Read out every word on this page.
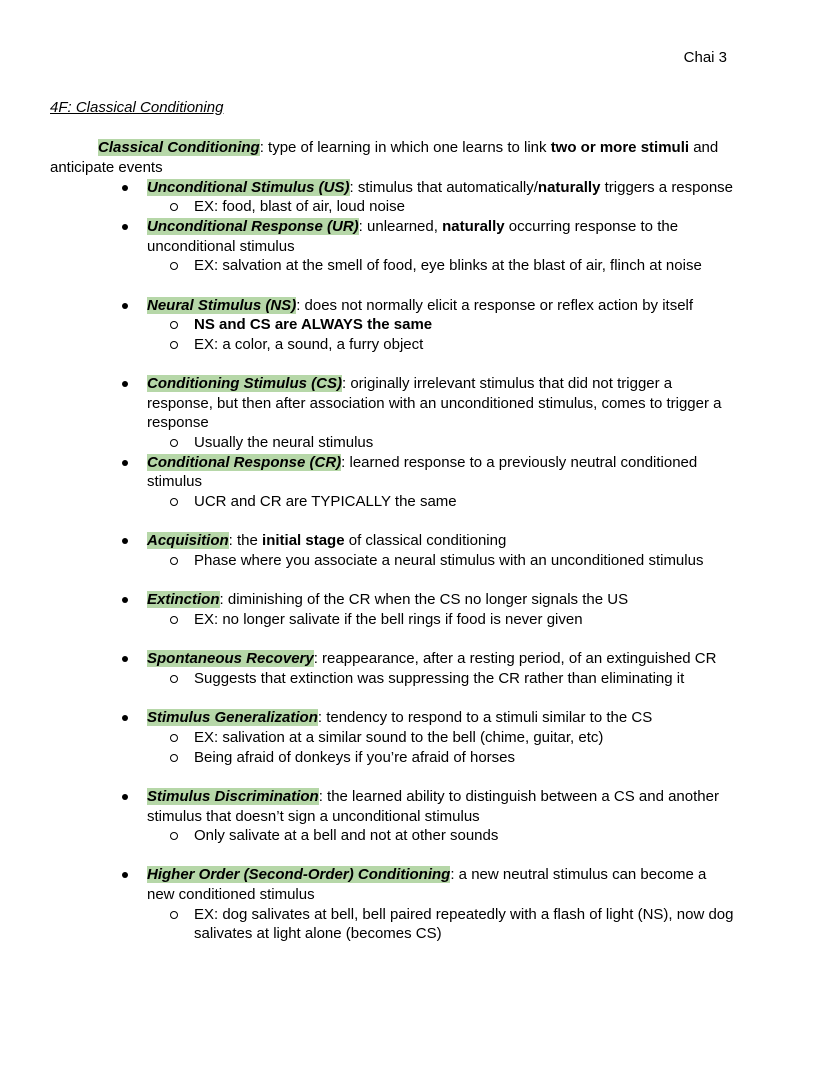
Chai 3
4F: Classical Conditioning
Classical Conditioning: type of learning in which one learns to link two or more stimuli and anticipate events
Unconditional Stimulus (US): stimulus that automatically/naturally triggers a response
EX: food, blast of air, loud noise
Unconditional Response (UR): unlearned, naturally occurring response to the unconditional stimulus
EX: salvation at the smell of food, eye blinks at the blast of air, flinch at noise
Neural Stimulus (NS): does not normally elicit a response or reflex action by itself
NS and CS are ALWAYS the same
EX: a color, a sound, a furry object
Conditioning Stimulus (CS): originally irrelevant stimulus that did not trigger a response, but then after association with an unconditioned stimulus, comes to trigger a response
Usually the neural stimulus
Conditional Response (CR): learned response to a previously neutral conditioned stimulus
UCR and CR are TYPICALLY the same
Acquisition: the initial stage of classical conditioning
Phase where you associate a neural stimulus with an unconditioned stimulus
Extinction: diminishing of the CR when the CS no longer signals the US
EX: no longer salivate if the bell rings if food is never given
Spontaneous Recovery: reappearance, after a resting period, of an extinguished CR
Suggests that extinction was suppressing the CR rather than eliminating it
Stimulus Generalization: tendency to respond to a stimuli similar to the CS
EX: salivation at a similar sound to the bell (chime, guitar, etc)
Being afraid of donkeys if you’re afraid of horses
Stimulus Discrimination: the learned ability to distinguish between a CS and another stimulus that doesn’t sign a unconditional stimulus
Only salivate at a bell and not at other sounds
Higher Order (Second-Order) Conditioning: a new neutral stimulus can become a new conditioned stimulus
EX: dog salivates at bell, bell paired repeatedly with a flash of light (NS), now dog salivates at light alone (becomes CS)
